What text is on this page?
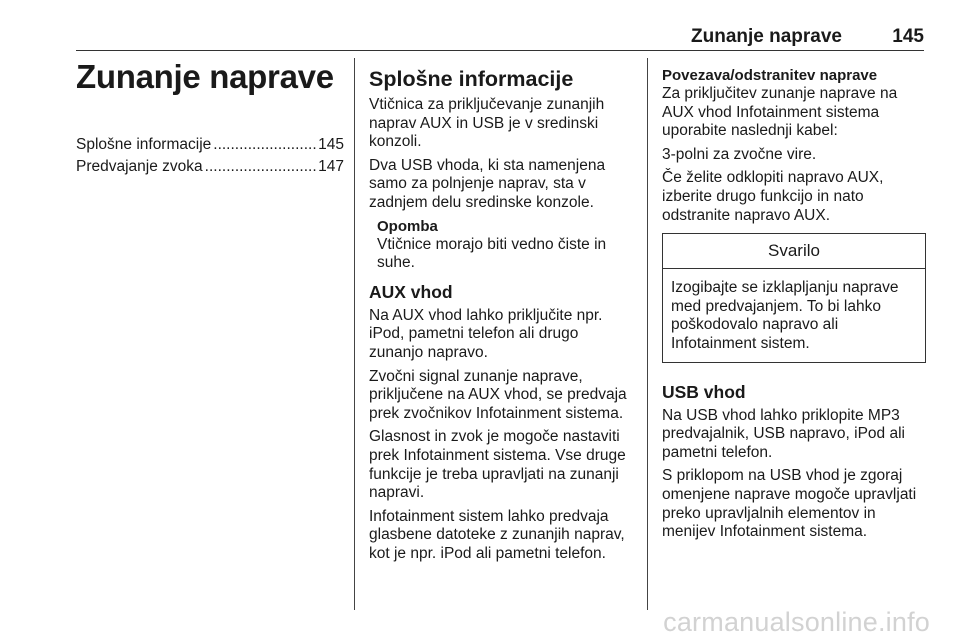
Zunanje naprave	145
Zunanje naprave
Splošne informacije .....	145
Predvajanje zvoka .....	147
Splošne informacije
Vtičnica za priključevanje zunanjih
naprav AUX in USB je v sredinski
konzoli.
Dva USB vhoda, ki sta namenjena
samo za polnjenje naprav, sta v
zadnjem delu sredinske konzole.
Opomba
Vtičnice morajo biti vedno čiste in
suhe.
AUX vhod
Na AUX vhod lahko priključite npr.
iPod, pametni telefon ali drugo
zunanjo napravo.
Zvočni signal zunanje naprave,
priključene na AUX vhod, se predvaja
prek zvočnikov Infotainment sistema.
Glasnost in zvok je mogoče nastaviti
prek Infotainment sistema. Vse druge
funkcije je treba upravljati na zunanji
napravi.
Infotainment sistem lahko predvaja
glasbene datoteke z zunanjih naprav,
kot je npr. iPod ali pametni telefon.
Povezava/odstranitev naprave
Za priključitev zunanje naprave na
AUX vhod Infotainment sistema
uporabite naslednji kabel:
3-polni za zvočne vire.
Če želite odklopiti napravo AUX,
izberite drugo funkcijo in nato
odstranite napravo AUX.
Svarilo
Izogibajte se izklapljanju naprave
med predvajanjem. To bi lahko
poškodovalo napravo ali
Infotainment sistem.
USB vhod
Na USB vhod lahko priklopite MP3
predvajalnik, USB napravo, iPod ali
pametni telefon.
S priklopom na USB vhod je zgoraj
omenjene naprave mogoče upravljati
preko upravljalnih elementov in
menijev Infotainment sistema.
carmanualsonline.info
